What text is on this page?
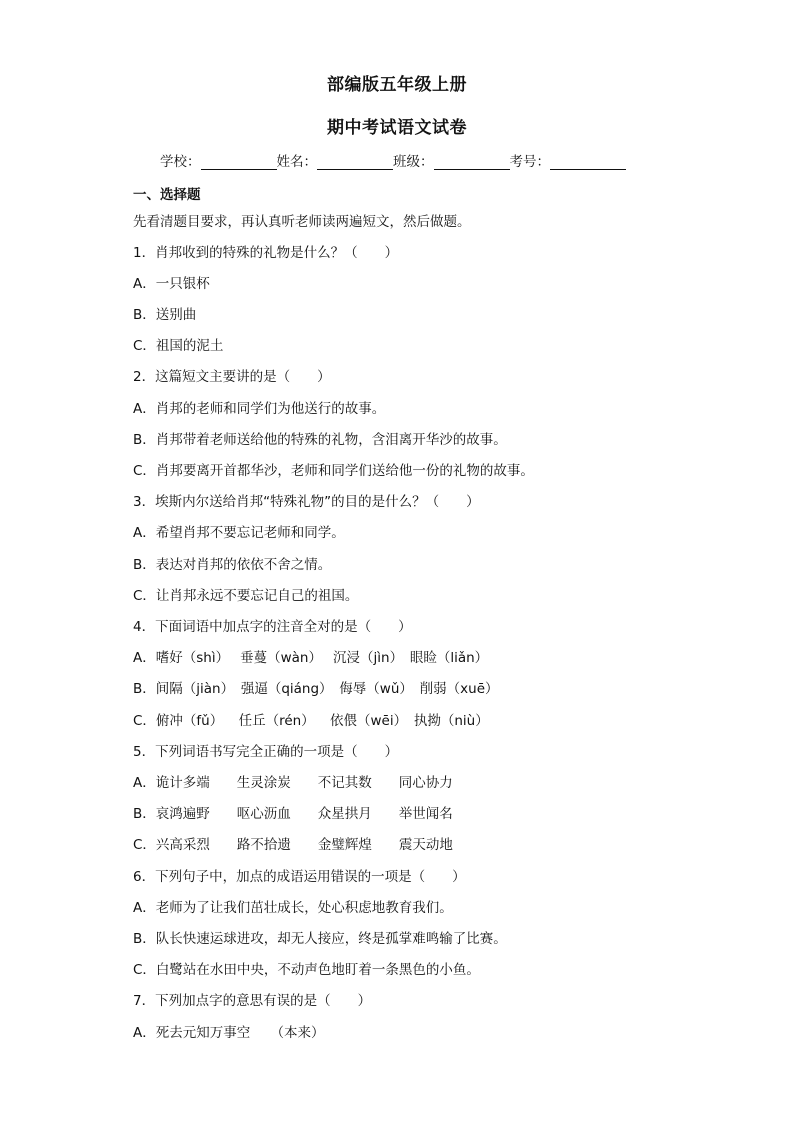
部编版五年级上册
期中考试语文试卷
学校：	姓名：	班级：	考号：
一、选择题
先看清题目要求，再认真听老师读两遍短文，然后做题。
1．肖邦收到的特殊的礼物是什么？（　　）
A．一只银杯
B．送别曲
C．祖国的泥土
2．这篇短文主要讲的是（　　）
A．肖邦的老师和同学们为他送行的故事。
B．肖邦带着老师送给他的特殊的礼物，含泪离开华沙的故事。
C．肖邦要离开首都华沙，老师和同学们送给他一份的礼物的故事。
3．埃斯内尔送给肖邦“特殊礼物”的目的是什么？（　　）
A．希望肖邦不要忘记老师和同学。
B．表达对肖邦的依依不舍之情。
C．让肖邦永远不要忘记自己的祖国。
4．下面词语中加点字的注音全对的是（　　）
A．嗜好（shì）　 垂蔓（wàn）　 沉浸（jìn）　眼睑（liǎn）
B．间隔（jiàn）　强逼（qiáng）　侮辱（wǔ）　削弱（xuē）
C．俯冲（fǔ）　  任丘（rén）　  依偎（wēi）　执拗（niù）
5．下列词语书写完全正确的一项是（　　）
A．诡计多端　　生灵涂炭　　不记其数　　同心协力
B．哀鸿遍野　　呕心沥血　　众星拱月　　举世闻名
C．兴高采烈　　路不拾遗　　金璧辉煌　　震天动地
6．下列句子中，加点的成语运用错误的一项是（　　）
A．老师为了让我们茁壮成长，处心积虑地教育我们。
B．队长快速运球进攻，却无人接应，终是孤掌难鸣输了比赛。
C．白鹭站在水田中央，不动声色地盯着一条黑色的小鱼。
7．下列加点字的意思有误的是（　　）
A．死去元知万事空　　（本来）
